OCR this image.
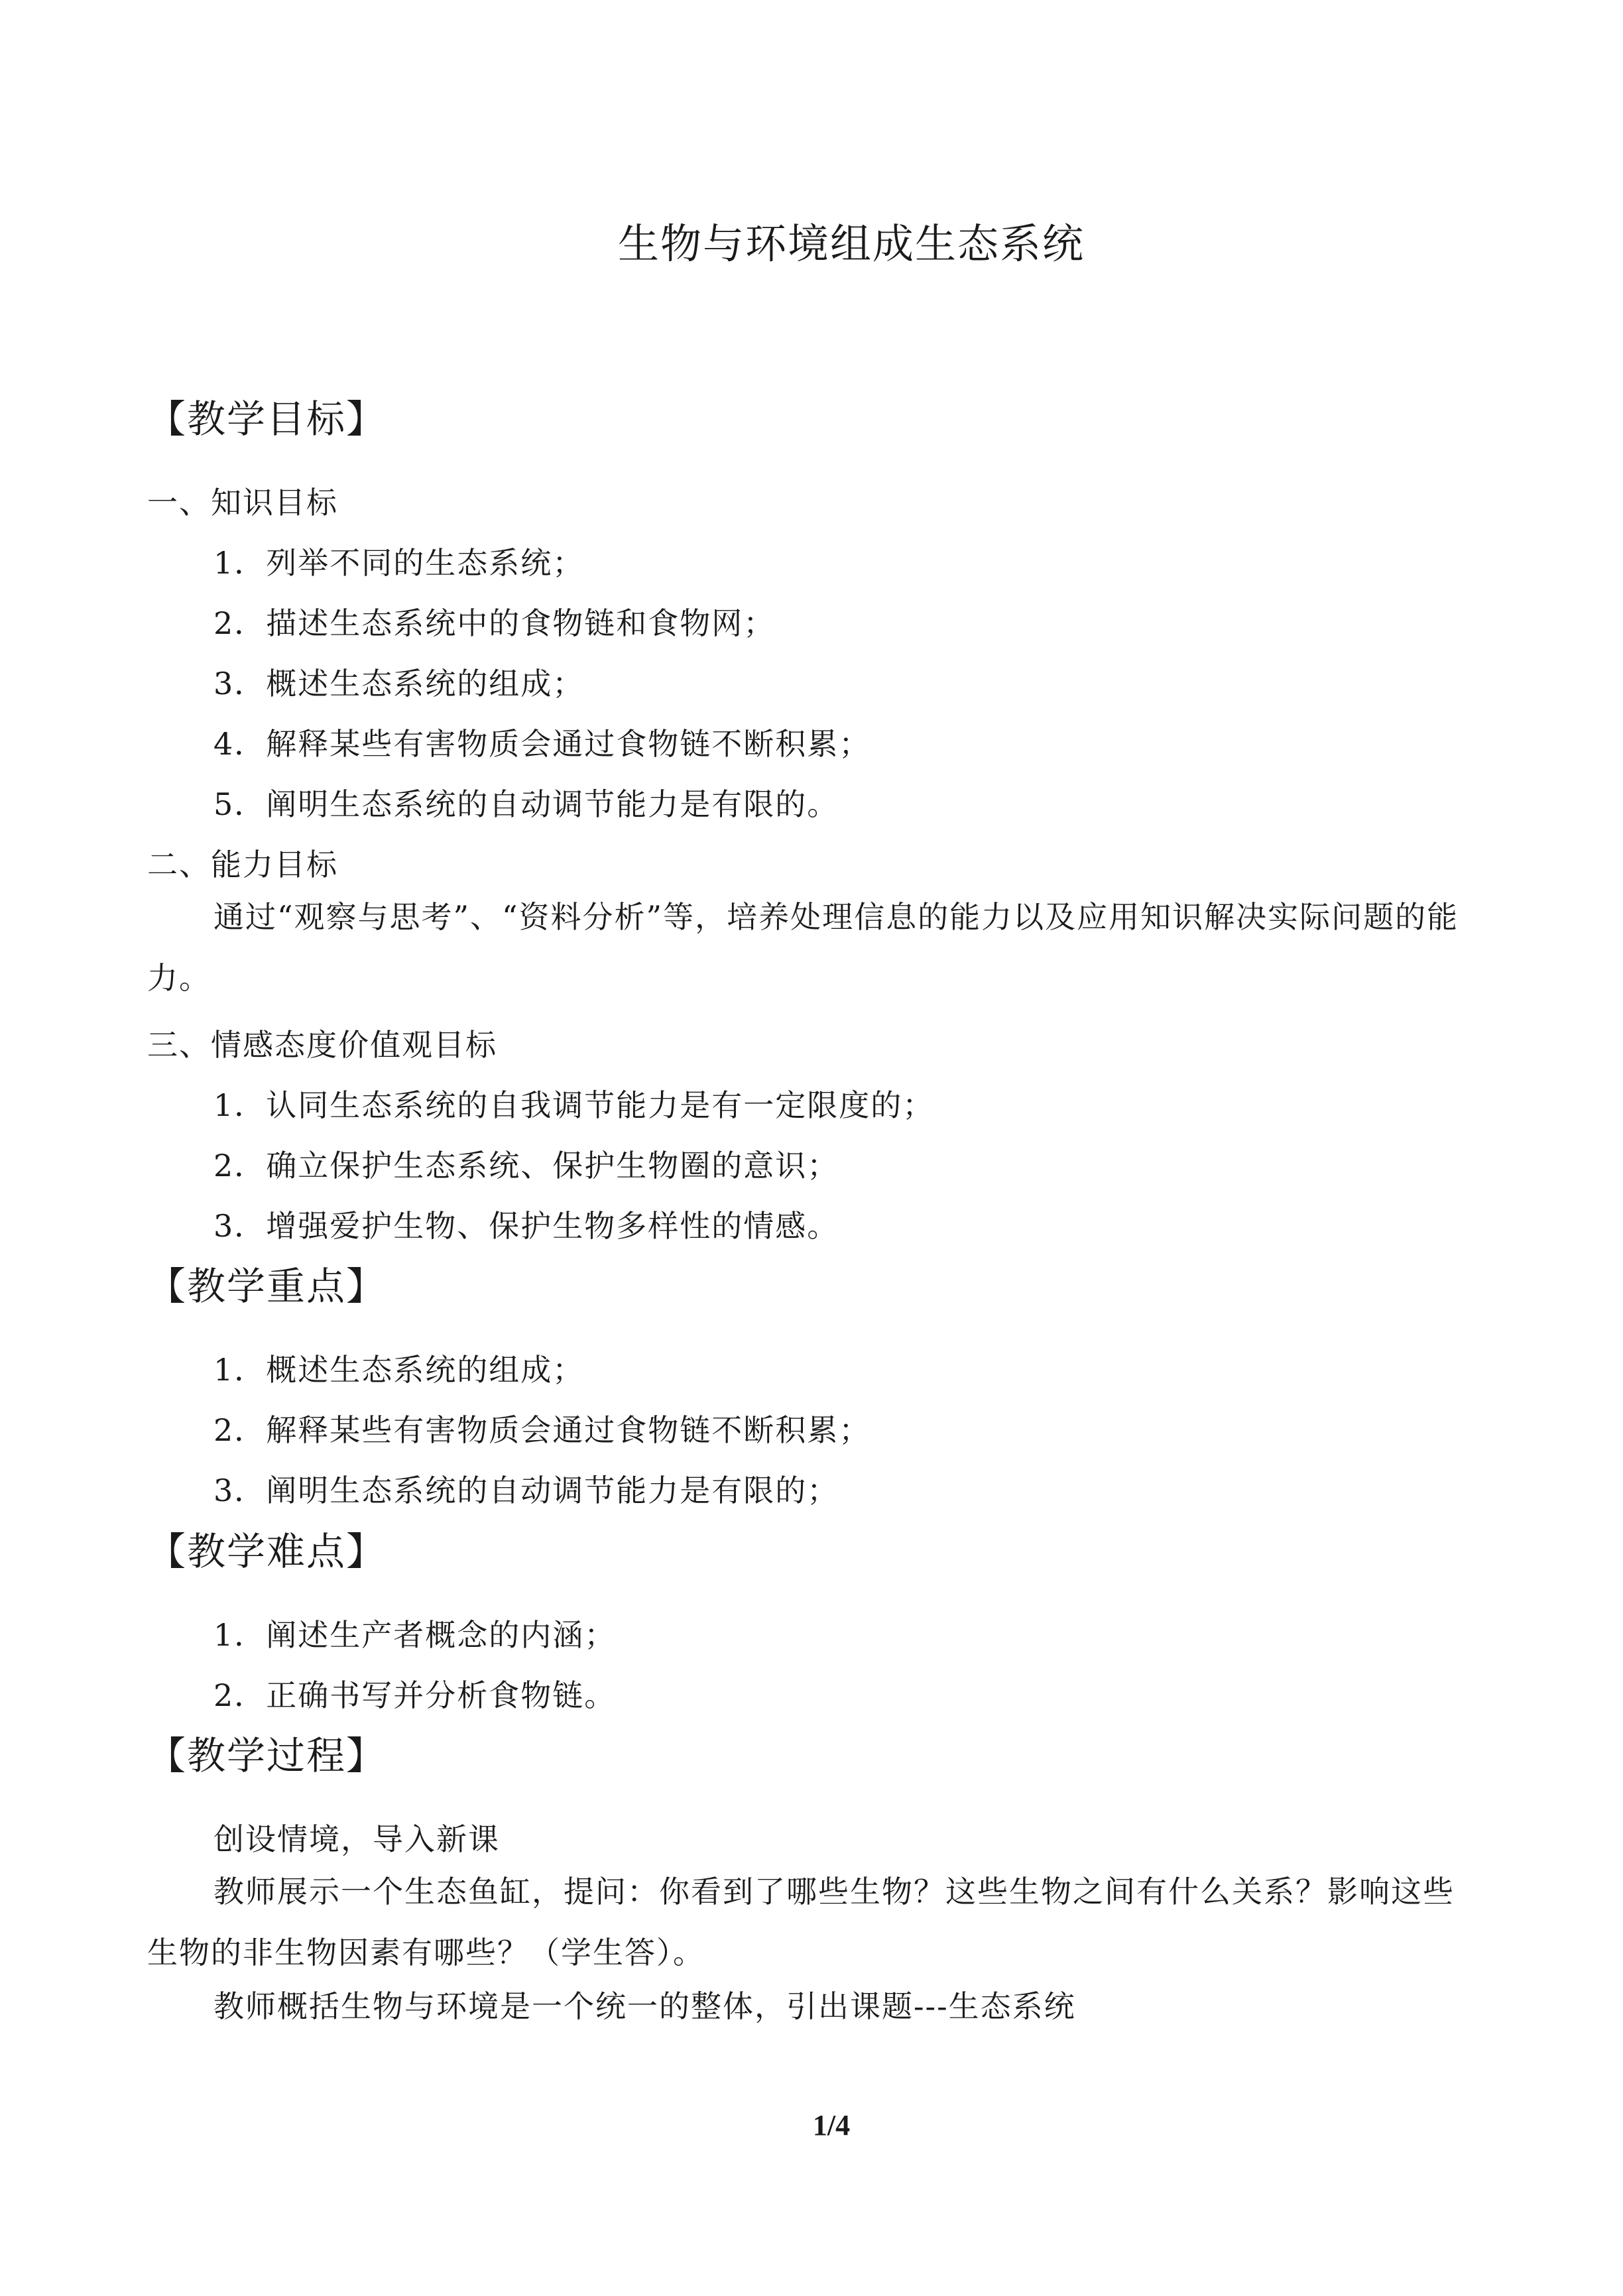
生物与环境组成生态系统
【教学目标】
一、知识目标
1．列举不同的生态系统；
2．描述生态系统中的食物链和食物网；
3．概述生态系统的组成；
4．解释某些有害物质会通过食物链不断积累；
5．阐明生态系统的自动调节能力是有限的。
二、能力目标
通过“观察与思考”、“资料分析”等，培养处理信息的能力以及应用知识解决实际问题的能力。
三、情感态度价值观目标
1．认同生态系统的自我调节能力是有一定限度的；
2．确立保护生态系统、保护生物圈的意识；
3．增强爱护生物、保护生物多样性的情感。
【教学重点】
1．概述生态系统的组成；
2．解释某些有害物质会通过食物链不断积累；
3．阐明生态系统的自动调节能力是有限的；
【教学难点】
1．阐述生产者概念的内涵；
2．正确书写并分析食物链。
【教学过程】
创设情境，导入新课
教师展示一个生态鱼缸，提问：你看到了哪些生物？这些生物之间有什么关系？影响这些生物的非生物因素有哪些？（学生答）。
教师概括生物与环境是一个统一的整体，引出课题---生态系统
1/4
